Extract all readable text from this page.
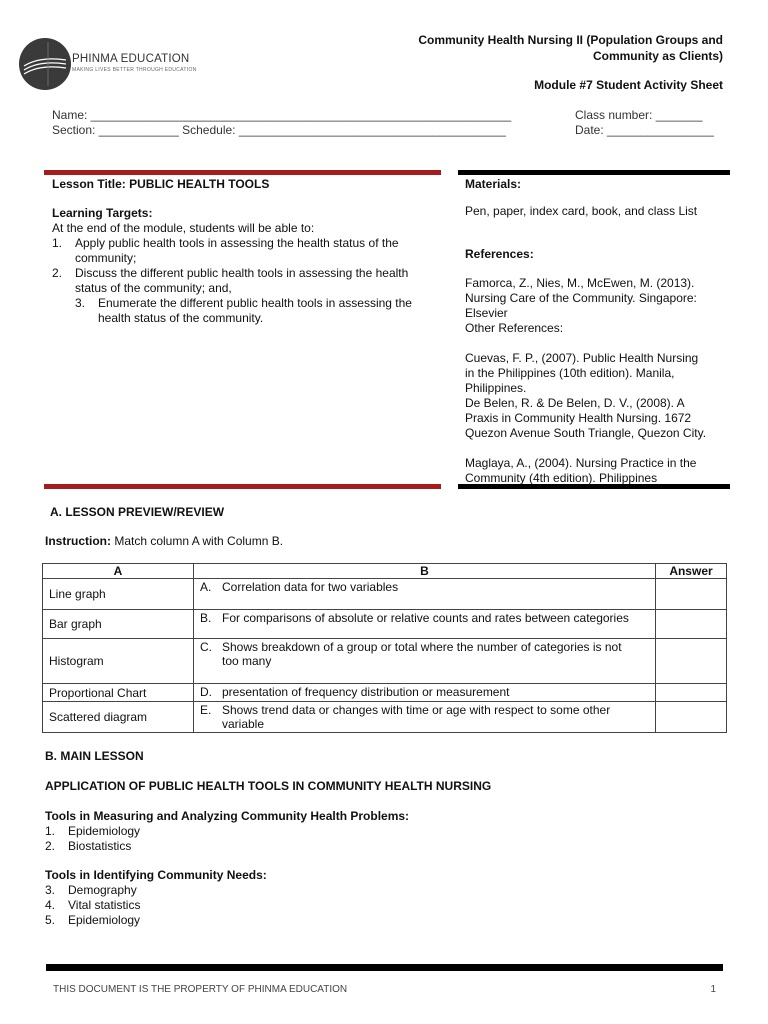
PHINMA EDUCATION
MAKING LIVES BETTER THROUGH EDUCATION
Community Health Nursing II (Population Groups and
Community as Clients)
Module #7 Student Activity Sheet
Name: _______________________________________________________________	Class number: _______
Section: ____________ Schedule: ________________________________________	Date: ________________
Lesson Title: PUBLIC HEALTH TOOLS
Learning Targets:
At the end of the module, students will be able to:
1. Apply public health tools in assessing the health status of the
community;
2. Discuss the different public health tools in assessing the health
status of the community; and,
3. Enumerate the different public health tools in assessing the
health status of the community.
Materials:
Pen, paper, index card, book, and class List
References:
Famorca, Z., Nies, M., McEwen, M. (2013).
Nursing Care of the Community. Singapore:
Elsevier
Other References:
Cuevas, F. P., (2007). Public Health Nursing
in the Philippines (10th edition). Manila,
Philippines.
De Belen, R. & De Belen, D. V., (2008). A
Praxis in Community Health Nursing. 1672
Quezon Avenue South Triangle, Quezon City.
Maglaya, A., (2004). Nursing Practice in the
Community (4th edition). Philippines
A. LESSON PREVIEW/REVIEW
Instruction: Match column A with Column B.
A	B	Answer
Line graph	A. Correlation data for two variables	

Bar graph	B. For comparisons of absolute or relative counts and rates between categories	

Histogram	C. Shows breakdown of a group or total where the number of categories is not
too many	

Proportional Chart	D. presentation of frequency distribution or measurement	

Scattered diagram	E. Shows trend data or changes with time or age with respect to some other
variable	

B. MAIN LESSON
APPLICATION OF PUBLIC HEALTH TOOLS IN COMMUNITY HEALTH NURSING
Tools in Measuring and Analyzing Community Health Problems:
1. Epidemiology
2. Biostatistics
Tools in Identifying Community Needs:
3. Demography
4. Vital statistics
5. Epidemiology
THIS DOCUMENT IS THE PROPERTY OF PHINMA EDUCATION	1
